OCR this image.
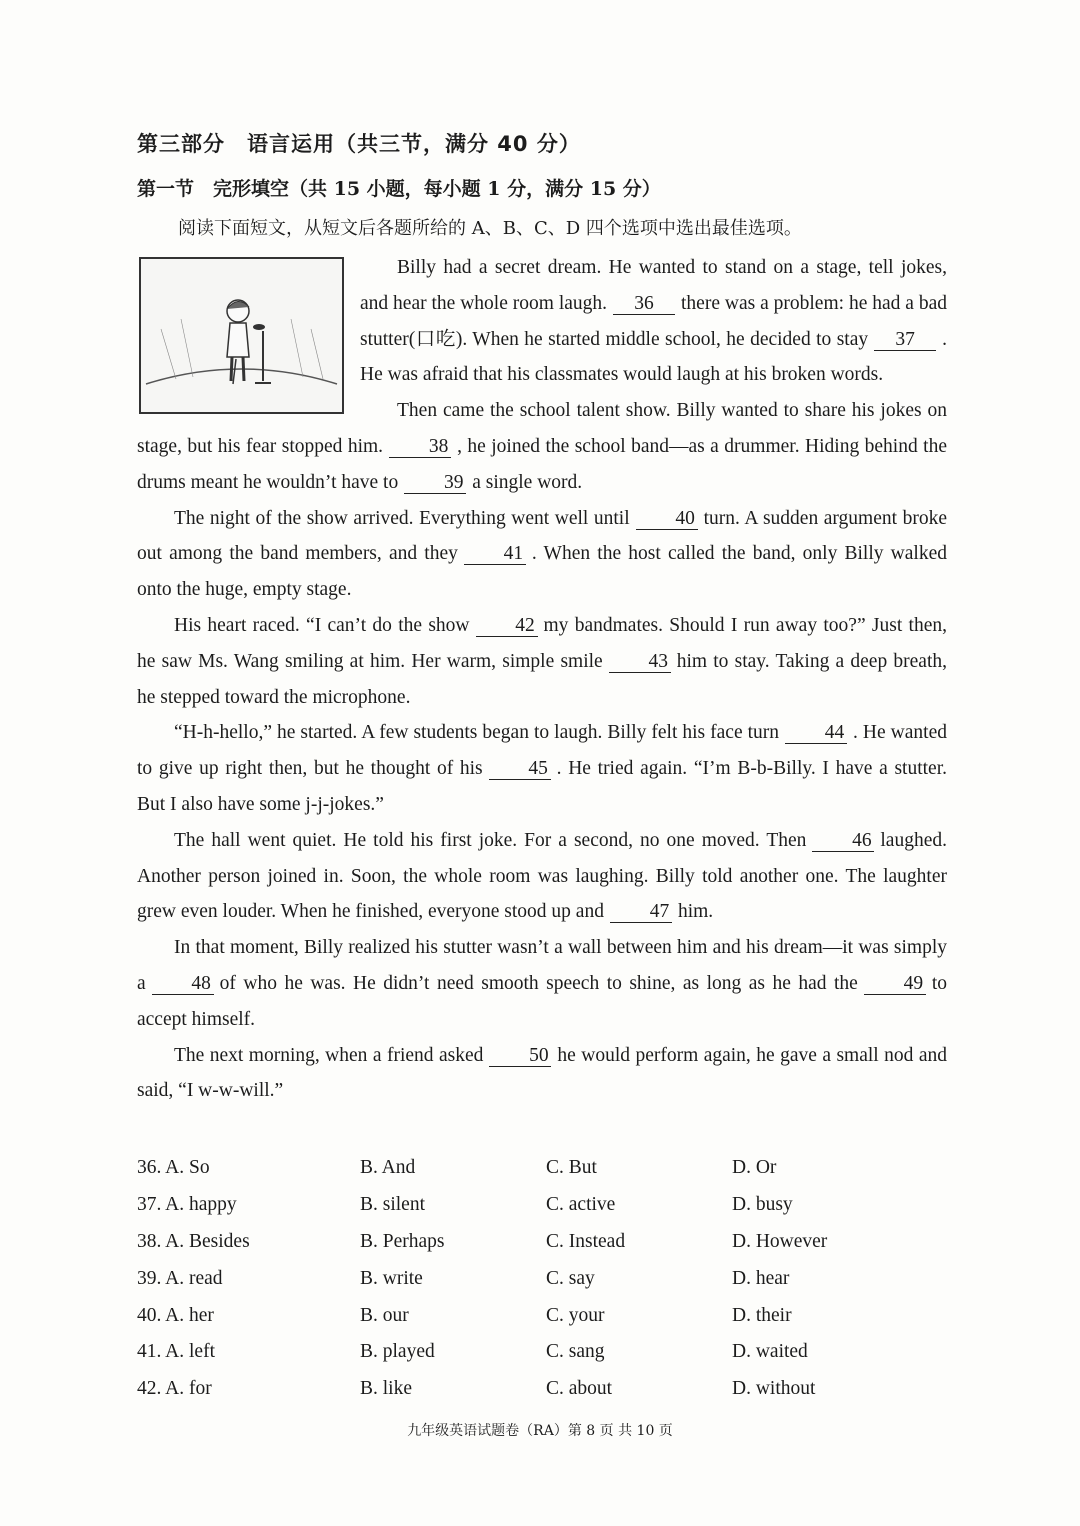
第三部分　语言运用（共三节，满分 40 分）
第一节　完形填空（共 15 小题，每小题 1 分，满分 15 分）
阅读下面短文，从短文后各题所给的 A、B、C、D 四个选项中选出最佳选项。

Billy had a secret dream. He wanted to stand on a stage, tell jokes, and hear the whole room laugh. 36 there was a problem: he had a bad stutter(口吃). When he started middle school, he decided to stay 37 . He was afraid that his classmates would laugh at his broken words.

Then came the school talent show. Billy wanted to share his jokes on stage, but his fear stopped him. 38 , he joined the school band—as a drummer. Hiding behind the drums meant he wouldn’t have to 39 a single word.

The night of the show arrived. Everything went well until 40 turn. A sudden argument broke out among the band members, and they 41 . When the host called the band, only Billy walked onto the huge, empty stage.

His heart raced. “I can’t do the show 42 my bandmates. Should I run away too?” Just then, he saw Ms. Wang smiling at him. Her warm, simple smile 43 him to stay. Taking a deep breath, he stepped toward the microphone.

“H-h-hello,” he started. A few students began to laugh. Billy felt his face turn 44 . He wanted to give up right then, but he thought of his 45 . He tried again. “I’m B-b-Billy. I have a stutter. But I also have some j-j-jokes.”

The hall went quiet. He told his first joke. For a second, no one moved. Then 46 laughed. Another person joined in. Soon, the whole room was laughing. Billy told another one. The laughter grew even louder. When he finished, everyone stood up and 47 him.

In that moment, Billy realized his stutter wasn’t a wall between him and his dream—it was simply a 48 of who he was. He didn’t need smooth speech to shine, as long as he had the 49 to accept himself.

The next morning, when a friend asked 50 he would perform again, he gave a small nod and said, “I w-w-will.”

36. A. So	B. And	C. But	D. Or
37. A. happy	B. silent	C. active	D. busy
38. A. Besides	B. Perhaps	C. Instead	D. However
39. A. read	B. write	C. say	D. hear
40. A. her	B. our	C. your	D. their
41. A. left	B. played	C. sang	D. waited
42. A. for	B. like	C. about	D. without
九年级英语试题卷（RA）第 8 页 共 10 页
